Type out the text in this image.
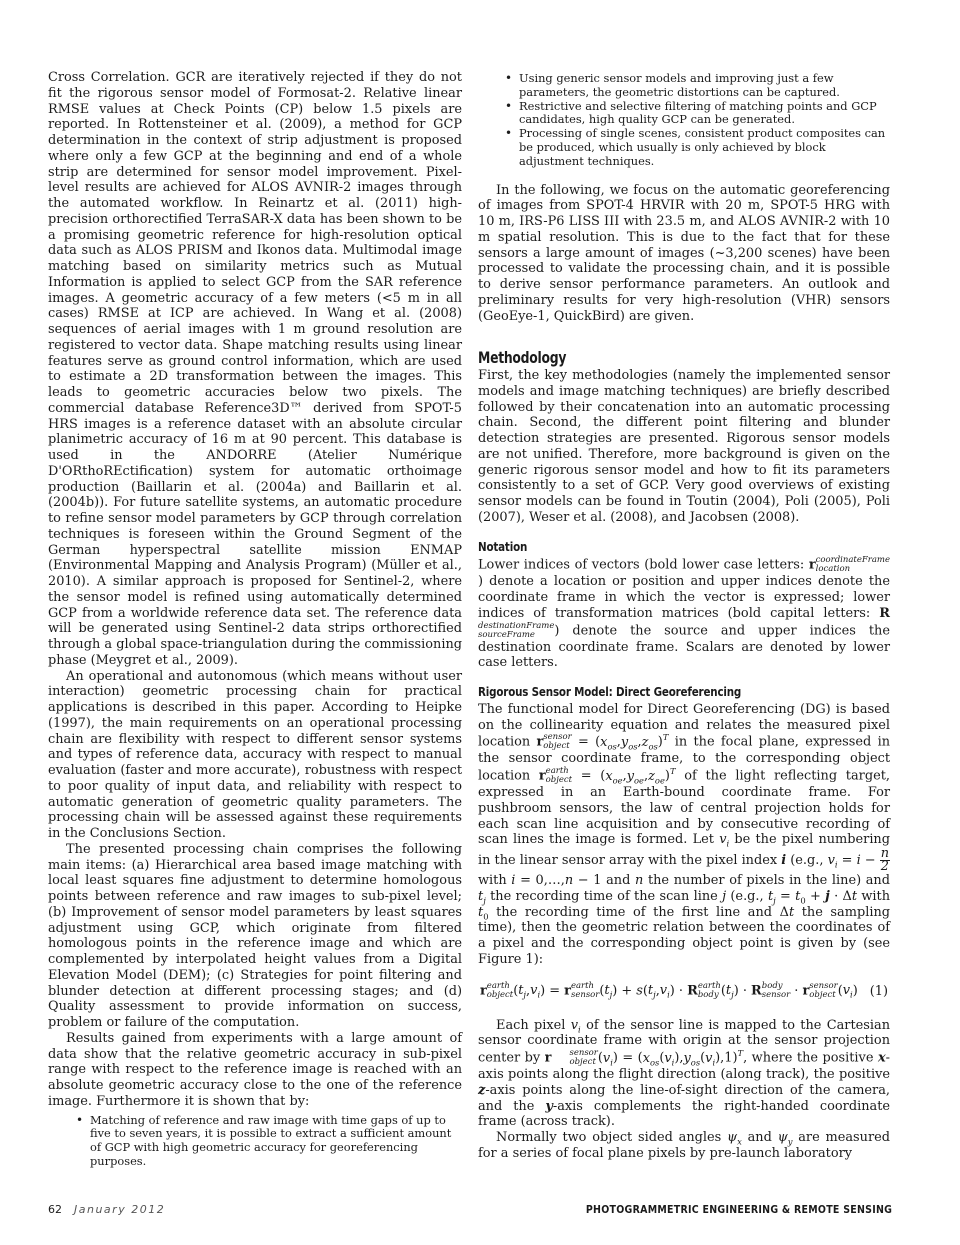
Cross Correlation. GCR are iteratively rejected if they do not fit the rigorous sensor model of Formosat-2. Relative linear RMSE values at Check Points (CP) below 1.5 pixels are reported. In Rottensteiner et al. (2009), a method for GCP determination in the context of strip adjustment is proposed where only a few GCP at the beginning and end of a whole strip are determined for sensor model improvement. Pixel-level results are achieved for ALOS AVNIR-2 images through the automated workflow. In Reinartz et al. (2011) high-precision orthorectified TerraSAR-X data has been shown to be a promising geometric reference for high-resolution optical data such as ALOS PRISM and Ikonos data. Multimodal image matching based on similarity metrics such as Mutual Information is applied to select GCP from the SAR reference images. A geometric accuracy of a few meters (<5 m in all cases) RMSE at ICP are achieved. In Wang et al. (2008) sequences of aerial images with 1 m ground resolution are registered to vector data. Shape matching results using linear features serve as ground control information, which are used to estimate a 2D transformation between the images. This leads to geometric accuracies below two pixels. The commercial database Reference3D™ derived from SPOT-5 HRS images is a reference dataset with an absolute circular planimetric accuracy of 16 m at 90 percent. This database is used in the ANDORRE (Atelier Numérique D'ORthoREctification) system for automatic orthoimage production (Baillarin et al. (2004a) and Baillarin et al. (2004b)). For future satellite systems, an automatic procedure to refine sensor model parameters by GCP through correlation techniques is foreseen within the Ground Segment of the German hyperspectral satellite mission ENMAP (Environmental Mapping and Analysis Program) (Müller et al., 2010). A similar approach is proposed for Sentinel-2, where the sensor model is refined using automatically determined GCP from a worldwide reference data set. The reference data will be generated using Sentinel-2 data strips orthorectified through a global space-triangulation during the commissioning phase (Meygret et al., 2009).

An operational and autonomous (which means without user interaction) geometric processing chain for practical applications is described in this paper. According to Heipke (1997), the main requirements on an operational processing chain are flexibility with respect to different sensor systems and types of reference data, accuracy with respect to manual evaluation (faster and more accurate), robustness with respect to poor quality of input data, and reliability with respect to automatic generation of geometric quality parameters. The processing chain will be assessed against these requirements in the Conclusions Section.

The presented processing chain comprises the following main items: (a) Hierarchical area based image matching with local least squares fine adjustment to determine homologous points between reference and raw images to sub-pixel level; (b) Improvement of sensor model parameters by least squares adjustment using GCP, which originate from filtered homologous points in the reference image and which are complemented by interpolated height values from a Digital Elevation Model (DEM); (c) Strategies for point filtering and blunder detection at different processing stages; and (d) Quality assessment to provide information on success, problem or failure of the computation.

Results gained from experiments with a large amount of data show that the relative geometric accuracy in sub-pixel range with respect to the reference image is reached with an absolute geometric accuracy close to the one of the reference image. Furthermore it is shown that by:

• Matching of reference and raw image with time gaps of up to five to seven years, it is possible to extract a sufficient amount of GCP with high geometric accuracy for georeferencing purposes.
• Using generic sensor models and improving just a few parameters, the geometric distortions can be captured.
• Restrictive and selective filtering of matching points and GCP candidates, high quality GCP can be generated.
• Processing of single scenes, consistent product composites can be produced, which usually is only achieved by block adjustment techniques.

In the following, we focus on the automatic georeferencing of images from SPOT-4 HRVIR with 20 m, SPOT-5 HRG with 10 m, IRS-P6 LISS III with 23.5 m, and ALOS AVNIR-2 with 10 m spatial resolution. This is due to the fact that for these sensors a large amount of images (~3,200 scenes) have been processed to validate the processing chain, and it is possible to derive sensor performance parameters. An outlook and preliminary results for very high-resolution (VHR) sensors (GeoEye-1, QuickBird) are given.

Methodology

First, the key methodologies (namely the implemented sensor models and image matching techniques) are briefly described followed by their concatenation into an automatic processing chain. Second, the different point filtering and blunder detection strategies are presented. Rigorous sensor models are not unified. Therefore, more background is given on the generic rigorous sensor model and how to fit its parameters consistently to a set of GCP. Very good overviews of existing sensor models can be found in Toutin (2004), Poli (2005), Poli (2007), Weser et al. (2008), and Jacobsen (2008).

Notation

Lower indices of vectors (bold lower case letters: r coordinateFrame
location
) denote a location or position and upper indices denote the coordinate frame in which the vector is expressed; lower indices of transformation matrices (bold capital letters: R
destinationFrame
sourceFrame	) denote the source and upper indices the destination coordinate frame. Scalars are denoted by lower case letters.

Rigorous Sensor Model: Direct Georeferencing

The functional model for Direct Georeferencing (DG) is based on the collinearity equation and relates the measured pixel location r sensor
object = $(x_{os},y_{os},z_{os})^T$ in the focal plane, expressed in the sensor coordinate frame, to the corresponding object location r earth
object = $(x_{oe},y_{oe},z_{oe})^T$ of the light reflecting target, expressed in an Earth-bound coordinate frame. For pushbroom sensors, the law of central projection holds for each scan line acquisition and by consecutive recording of scan lines the image is formed. Let $v_i$ be the pixel numbering in the linear sensor array with the pixel index i (e.g., $v_i = i - \frac{n}{2}$
with i = 0,…,n − 1 and n the number of pixels in the line) and $t_j$ the recording time of the scan line j (e.g., $t_j = t_0 + j \cdot \Delta t$ with $t_0$ the recording time of the first line and Δt the sampling time), then the geometric relation between the coordinates of a pixel and the corresponding object point is given by (see Figure 1):

r earth
object $(t_j,v_i) = r$ earth
sensor $(t_j) + s(t_j,v_i) \cdot R$ earth
body $(t_j) \cdot R$ body
sensor · r sensor
object $(v_i)$ (1)

Each pixel $v_i$ of the sensor line is mapped to the Cartesian sensor coordinate frame with origin at the sensor projection center by r	sensor
object $(v_i) = (x_{os}(v_i),y_{os}(v_i),1)^T$, where the positive x-axis points along the flight direction (along track), the positive z-axis points along the line-of-sight direction of the camera, and the y-axis complements the right-handed coordinate frame (across track).

Normally two object sided angles $\psi_x$ and $\psi_y$ are measured for a series of focal plane pixels by pre-launch laboratory

62 January 2012	PHOTOGRAMMETRIC ENGINEERING & REMOTE SENSING
